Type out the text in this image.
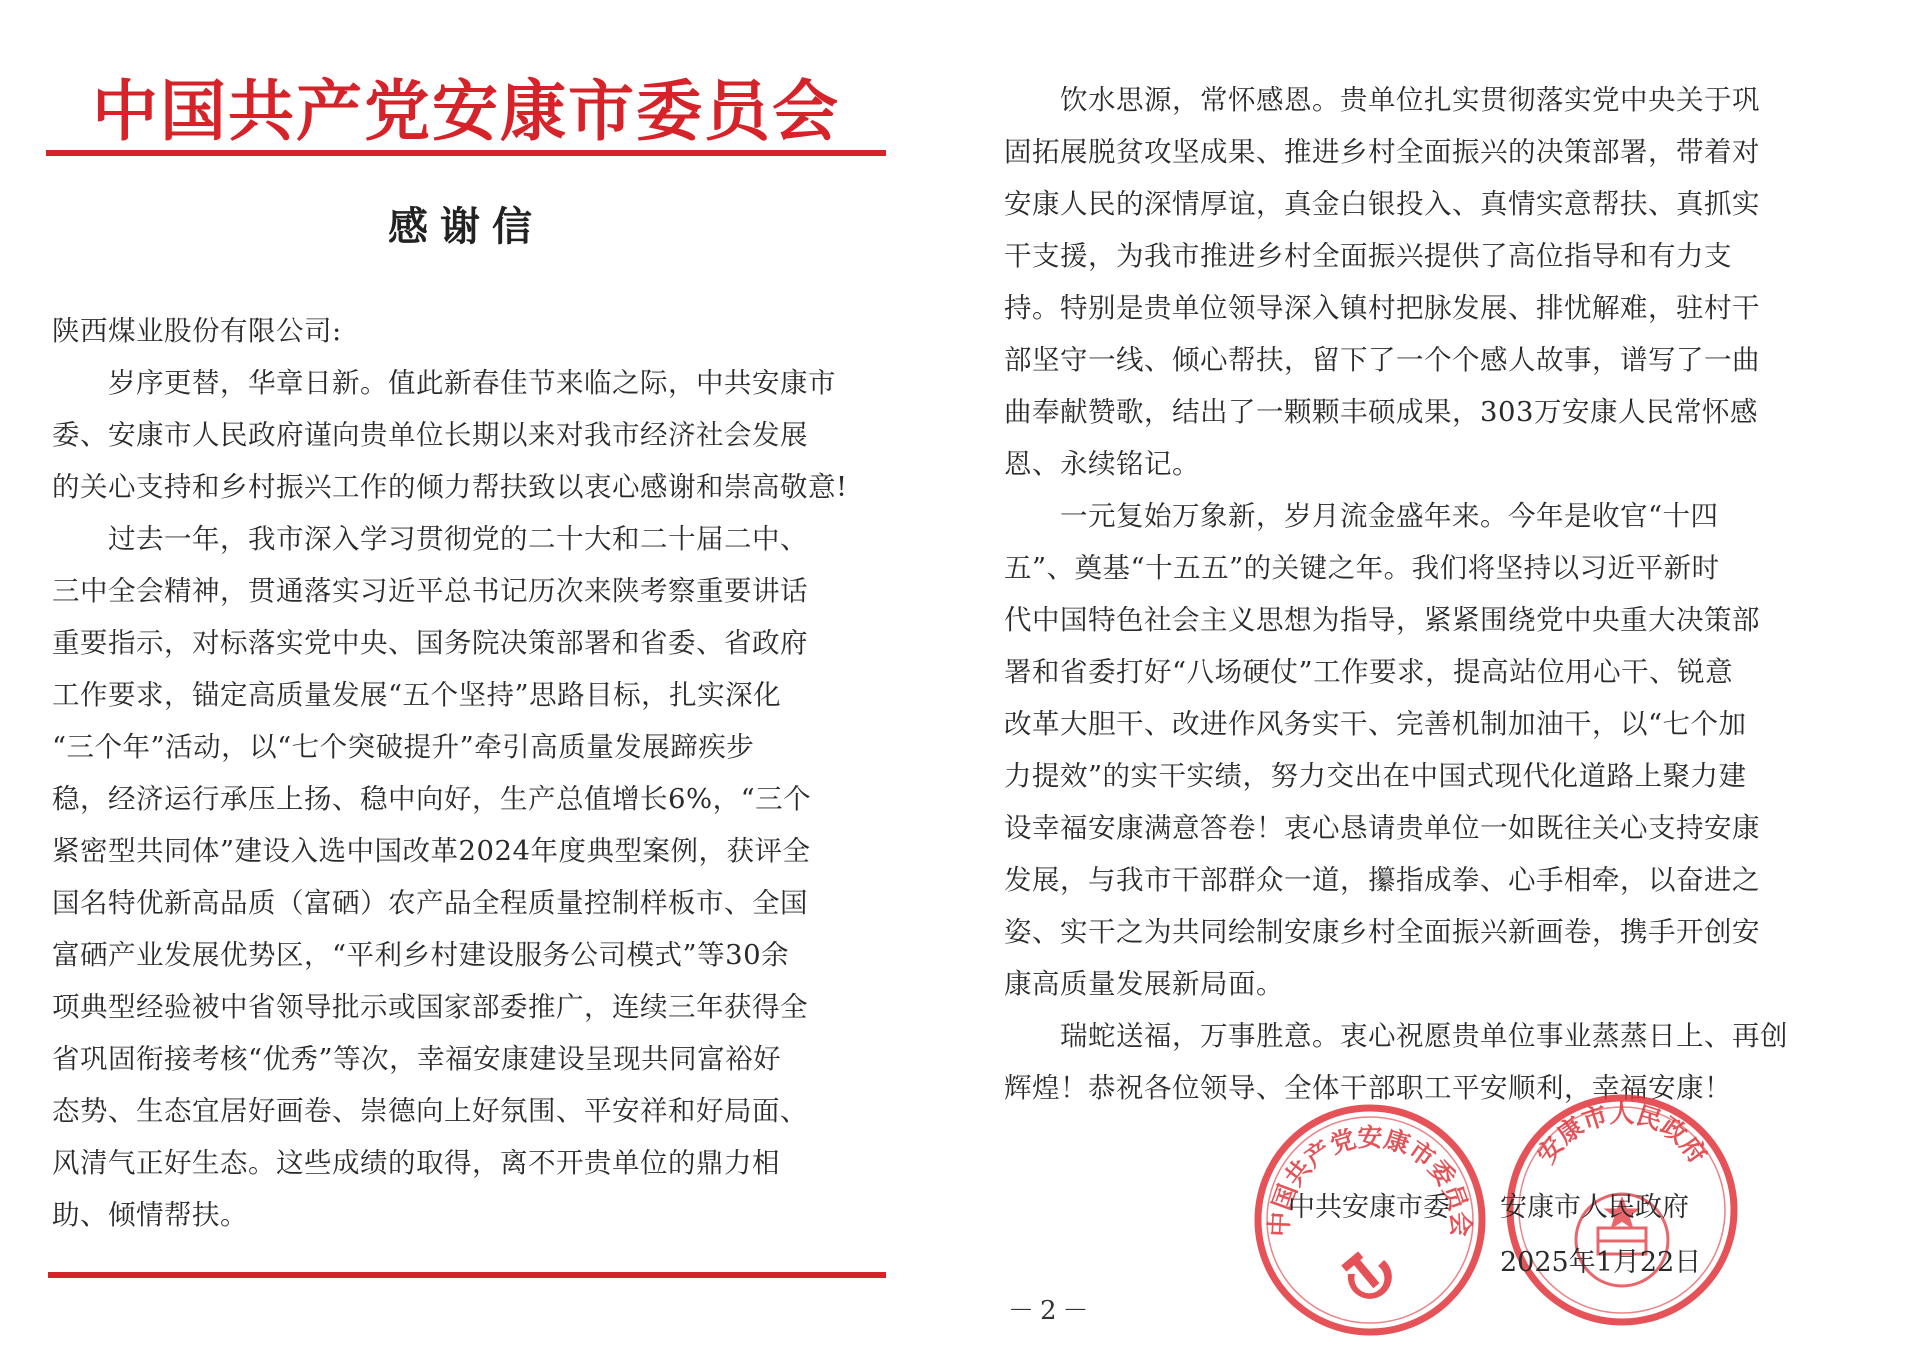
中国共产党安康市委员会
感谢信
陕西煤业股份有限公司:
岁序更替，华章日新。值此新春佳节来临之际，中共安康市
委、安康市人民政府谨向贵单位长期以来对我市经济社会发展
的关心支持和乡村振兴工作的倾力帮扶致以衷心感谢和崇高敬意!
过去一年，我市深入学习贯彻党的二十大和二十届二中、
三中全会精神，贯通落实习近平总书记历次来陕考察重要讲话
重要指示，对标落实党中央、国务院决策部署和省委、省政府
工作要求，锚定高质量发展“五个坚持”思路目标，扎实深化
“三个年”活动，以“七个突破提升”牵引高质量发展蹄疾步
稳，经济运行承压上扬、稳中向好，生产总值增长6%，“三个
紧密型共同体”建设入选中国改革2024年度典型案例，获评全
国名特优新高品质（富硒）农产品全程质量控制样板市、全国
富硒产业发展优势区，“平利乡村建设服务公司模式”等30余
项典型经验被中省领导批示或国家部委推广，连续三年获得全
省巩固衔接考核“优秀”等次，幸福安康建设呈现共同富裕好
态势、生态宜居好画卷、崇德向上好氛围、平安祥和好局面、
风清气正好生态。这些成绩的取得，离不开贵单位的鼎力相
助、倾情帮扶。
饮水思源，常怀感恩。贵单位扎实贯彻落实党中央关于巩
固拓展脱贫攻坚成果、推进乡村全面振兴的决策部署，带着对
安康人民的深情厚谊，真金白银投入、真情实意帮扶、真抓实
干支援，为我市推进乡村全面振兴提供了高位指导和有力支
持。特别是贵单位领导深入镇村把脉发展、排忧解难，驻村干
部坚守一线、倾心帮扶，留下了一个个感人故事，谱写了一曲
曲奉献赞歌，结出了一颗颗丰硕成果，303万安康人民常怀感
恩、永续铭记。
一元复始万象新，岁月流金盛年来。今年是收官“十四
五”、奠基“十五五”的关键之年。我们将坚持以习近平新时
代中国特色社会主义思想为指导，紧紧围绕党中央重大决策部
署和省委打好“八场硬仗”工作要求，提高站位用心干、锐意
改革大胆干、改进作风务实干、完善机制加油干，以“七个加
力提效”的实干实绩，努力交出在中国式现代化道路上聚力建
设幸福安康满意答卷！衷心恳请贵单位一如既往关心支持安康
发展，与我市干部群众一道，攥指成拳、心手相牵，以奋进之
姿、实干之为共同绘制安康乡村全面振兴新画卷，携手开创安
康高质量发展新局面。
瑞蛇送福，万事胜意。衷心祝愿贵单位事业蒸蒸日上、再创
辉煌！恭祝各位领导、全体干部职工平安顺利，幸福安康！
中国共产党安康市委员会
安康市人民政府
中共安康市委 安康市人民政府
2025年1月22日
－2－
